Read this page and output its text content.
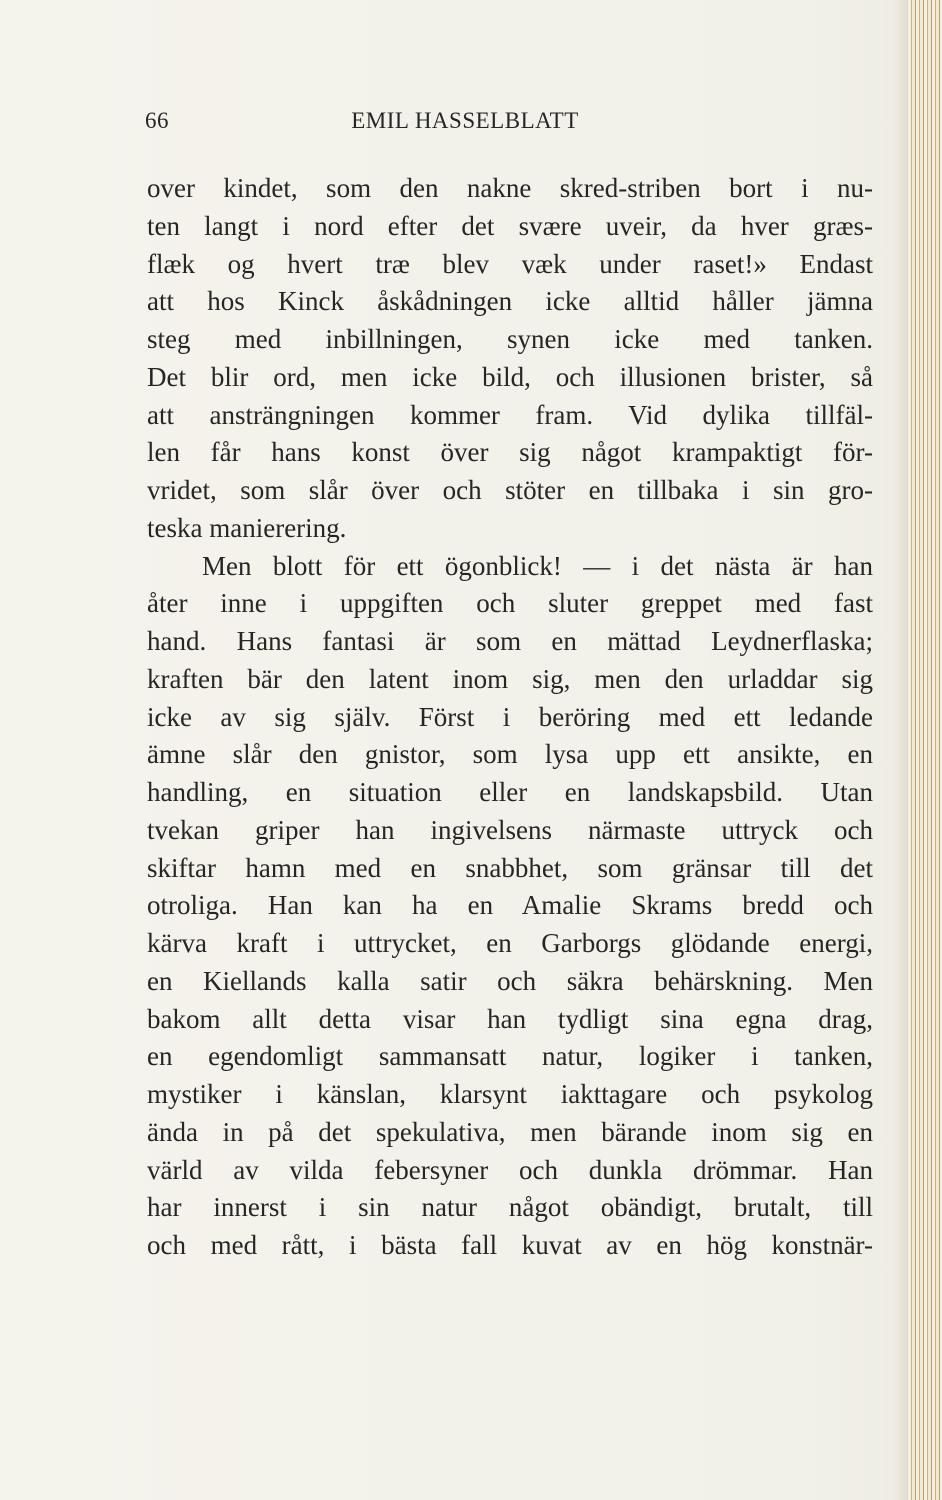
66	EMIL HASSELBLATT
over kindet, som den nakne skred-striben bort i nu-
ten langt i nord efter det svære uveir, da hver græs-
flæk og hvert træ blev væk under raset!» Endast
att hos Kinck åskådningen icke alltid håller jämna
steg med inbillningen, synen icke med tanken.
Det blir ord, men icke bild, och illusionen brister, så
att ansträngningen kommer fram. Vid dylika tillfäl-
len får hans konst över sig något krampaktigt för-
vridet, som slår över och stöter en tillbaka i sin gro-
teska manierering.
Men blott för ett ögonblick! — i det nästa är han
åter inne i uppgiften och sluter greppet med fast
hand. Hans fantasi är som en mättad Leydnerflaska;
kraften bär den latent inom sig, men den urladdar sig
icke av sig själv. Först i beröring med ett ledande
ämne slår den gnistor, som lysa upp ett ansikte, en
handling, en situation eller en landskapsbild. Utan
tvekan griper han ingivelsens närmaste uttryck och
skiftar hamn med en snabbhet, som gränsar till det
otroliga. Han kan ha en Amalie Skrams bredd och
kärva kraft i uttrycket, en Garborgs glödande energi,
en Kiellands kalla satir och säkra behärskning. Men
bakom allt detta visar han tydligt sina egna drag,
en egendomligt sammansatt natur, logiker i tanken,
mystiker i känslan, klarsynt iakttagare och psykolog
ända in på det spekulativa, men bärande inom sig en
värld av vilda febersyner och dunkla drömmar. Han
har innerst i sin natur något obändigt, brutalt, till
och med rått, i bästa fall kuvat av en hög konstnär-
